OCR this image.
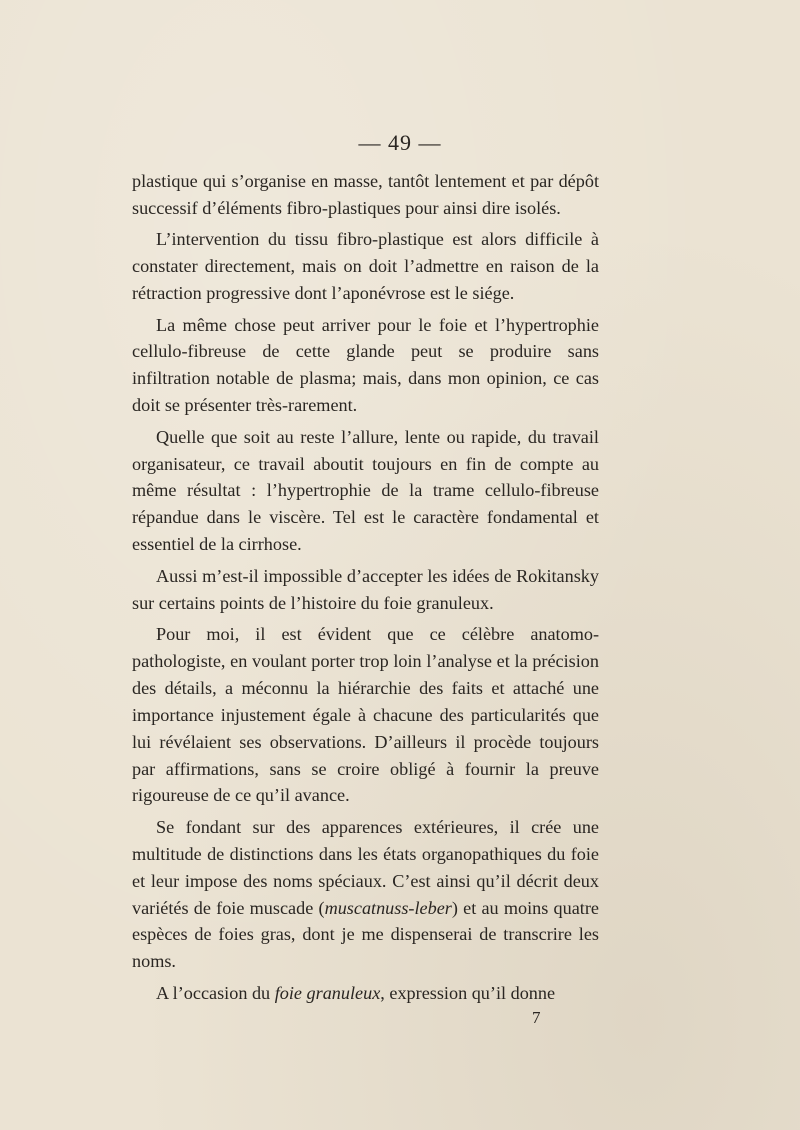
— 49 —

plastique qui s’organise en masse, tantôt lentement et par dépôt successif d’éléments fibro-plastiques pour ainsi dire isolés.

L’intervention du tissu fibro-plastique est alors difficile à constater directement, mais on doit l’admettre en raison de la rétraction progressive dont l’aponévrose est le siége.

La même chose peut arriver pour le foie et l’hypertrophie cellulo-fibreuse de cette glande peut se produire sans infiltration notable de plasma; mais, dans mon opinion, ce cas doit se présenter très-rarement.

Quelle que soit au reste l’allure, lente ou rapide, du travail organisateur, ce travail aboutit toujours en fin de compte au même résultat : l’hypertrophie de la trame cellulo-fibreuse répandue dans le viscère. Tel est le caractère fondamental et essentiel de la cirrhose.

Aussi m’est-il impossible d’accepter les idées de Rokitansky sur certains points de l’histoire du foie granuleux.

Pour moi, il est évident que ce célèbre anatomo-pathologiste, en voulant porter trop loin l’analyse et la précision des détails, a méconnu la hiérarchie des faits et attaché une importance injustement égale à chacune des particularités que lui révélaient ses observations. D’ailleurs il procède toujours par affirmations, sans se croire obligé à fournir la preuve rigoureuse de ce qu’il avance.

Se fondant sur des apparences extérieures, il crée une multitude de distinctions dans les états organopathiques du foie et leur impose des noms spéciaux. C’est ainsi qu’il décrit deux variétés de foie muscade (muscatnuss-leber) et au moins quatre espèces de foies gras, dont je me dispenserai de transcrire les noms.

A l’occasion du foie granuleux, expression qu’il donne

7
